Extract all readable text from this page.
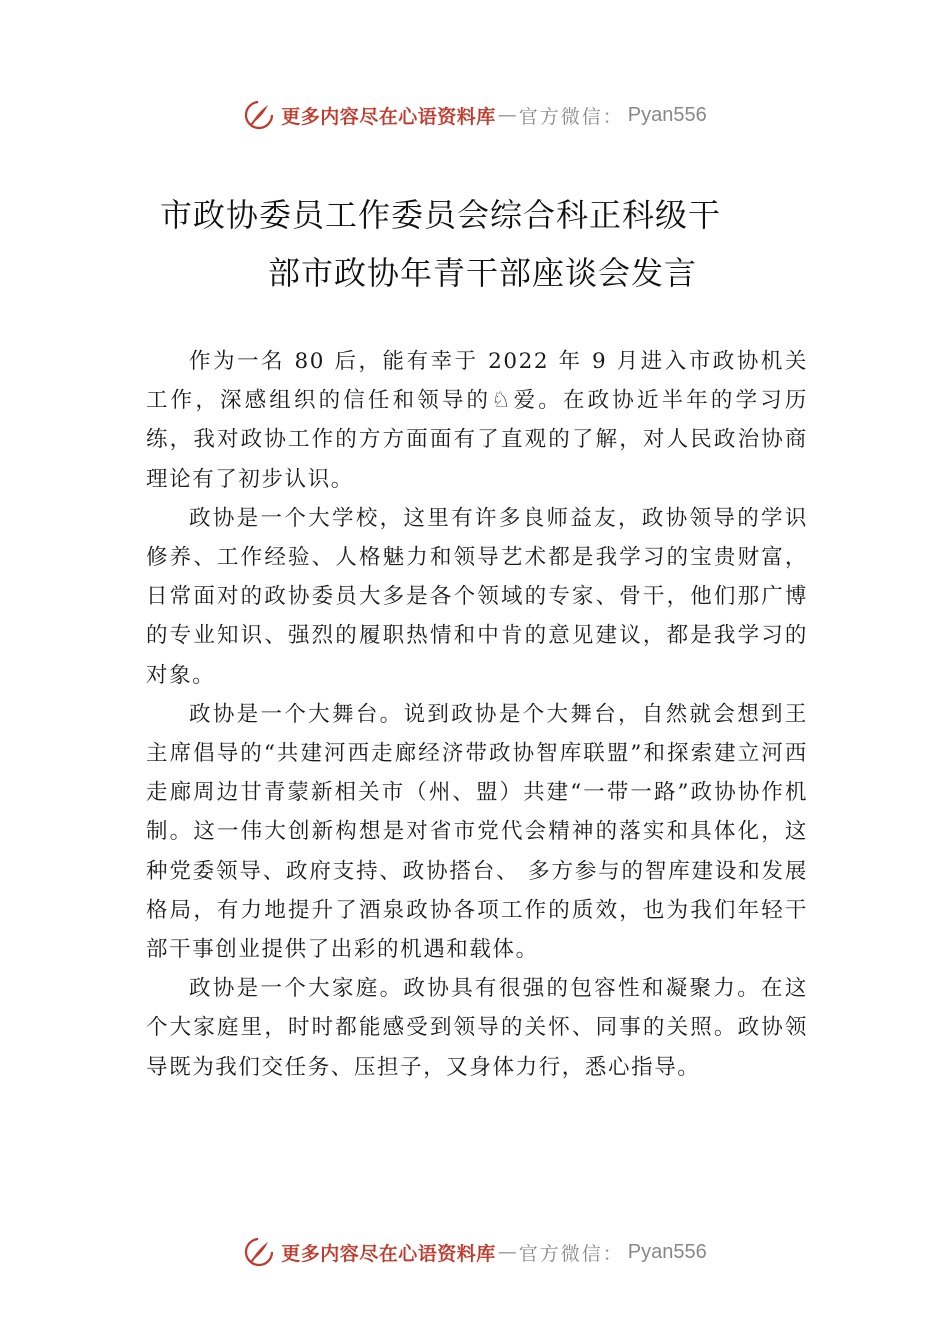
更多内容尽在心语资料库 — 官方微信： Pyan556
市政协委员工作委员会综合科正科级干
部市政协年青干部座谈会发言

作为一名 80 后，能有幸于 2022 年 9 月进入市政协机关工作，深感组织的信任和领导的♘爱。在政协近半年的学习历练，我对政协工作的方方面面有了直观的了解，对人民政治协商理论有了初步认识。

政协是一个大学校，这里有许多良师益友，政协领导的学识修养、工作经验、人格魅力和领导艺术都是我学习的宝贵财富，日常面对的政协委员大多是各个领域的专家、骨干，他们那广博的专业知识、强烈的履职热情和中肯的意见建议，都是我学习的对象。

政协是一个大舞台。说到政协是个大舞台，自然就会想到王主席倡导的“共建河西走廊经济带政协智库联盟”和探索建立河西走廊周边甘青蒙新相关市（州、盟）共建“一带一路”政协协作机制。这一伟大创新构想是对省市党代会精神的落实和具体化，这种党委领导、政府支持、政协搭台、 多方参与的智库建设和发展格局，有力地提升了酒泉政协各项工作的质效，也为我们年轻干部干事创业提供了出彩的机遇和载体。

政协是一个大家庭。政协具有很强的包容性和凝聚力。在这个大家庭里，时时都能感受到领导的关怀、同事的关照。政协领导既为我们交任务、压担子，又身体力行，悉心指导。

更多内容尽在心语资料库 — 官方微信： Pyan556
